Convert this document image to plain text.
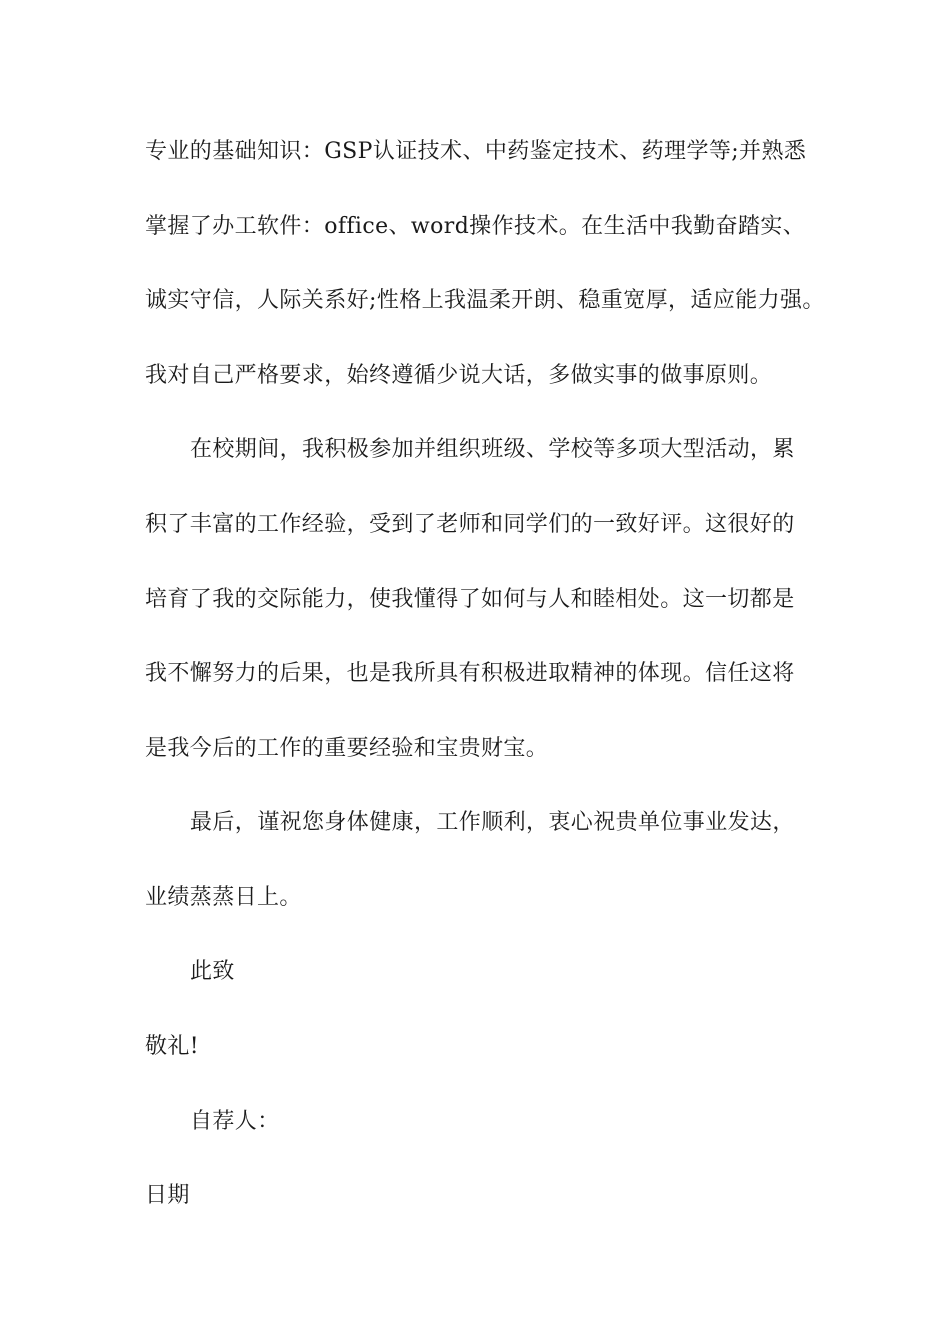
专业的基础知识：GSP认证技术、中药鉴定技术、药理学等;并熟悉
掌握了办工软件：office、word操作技术。在生活中我勤奋踏实、
诚实守信，人际关系好;性格上我温柔开朗、稳重宽厚，适应能力强。
我对自己严格要求，始终遵循少说大话，多做实事的做事原则。
在校期间，我积极参加并组织班级、学校等多项大型活动，累
积了丰富的工作经验，受到了老师和同学们的一致好评。这很好的
培育了我的交际能力，使我懂得了如何与人和睦相处。这一切都是
我不懈努力的后果，也是我所具有积极进取精神的体现。信任这将
是我今后的工作的重要经验和宝贵财宝。
最后，谨祝您身体健康，工作顺利，衷心祝贵单位事业发达，
业绩蒸蒸日上。
此致
敬礼!
自荐人：
日期
